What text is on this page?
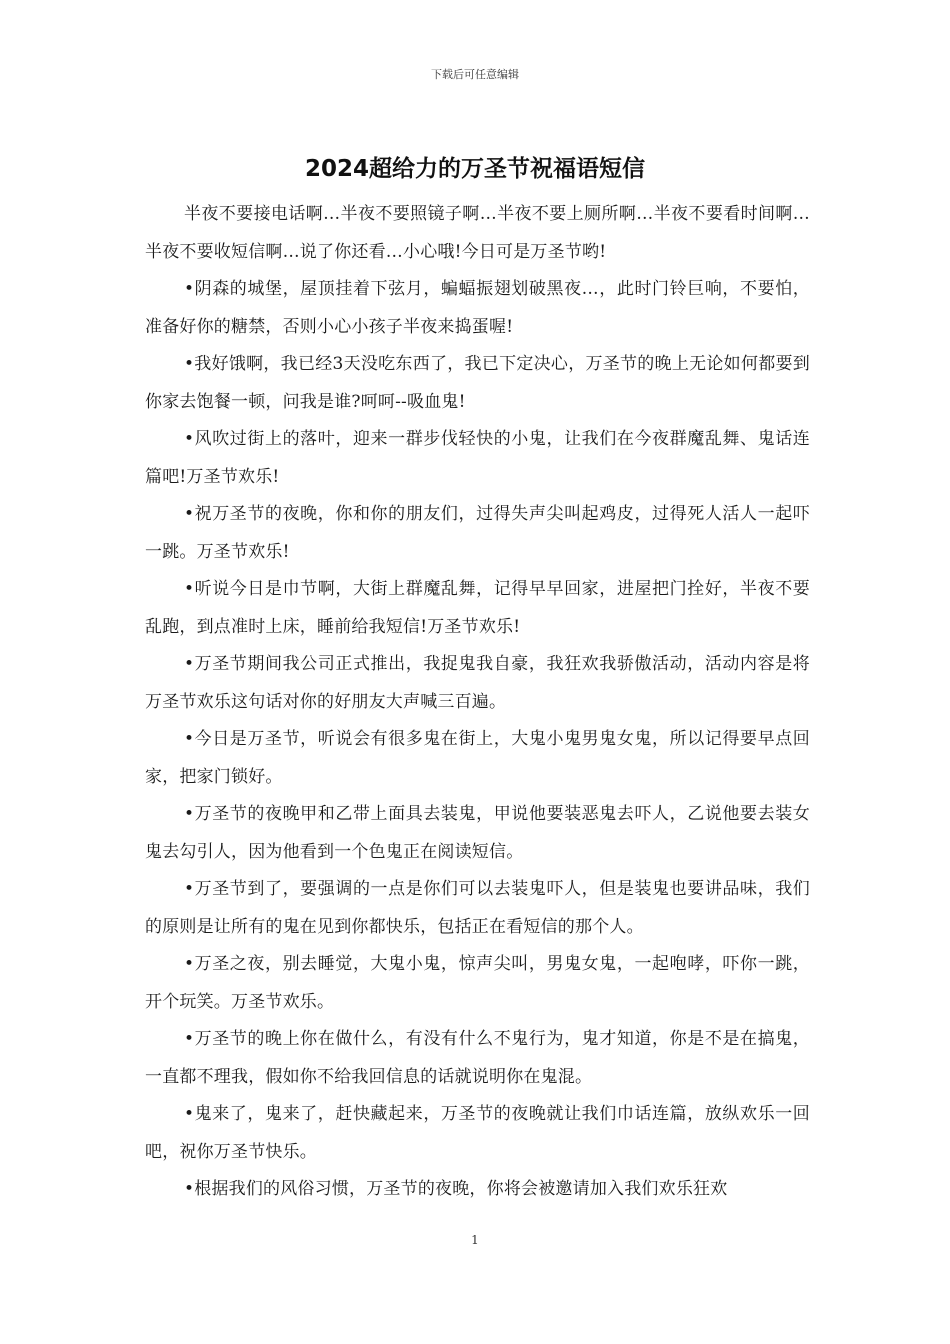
下载后可任意编辑
2024超给力的万圣节祝福语短信

半夜不要接电话啊…半夜不要照镜子啊…半夜不要上厕所啊…半夜不要看时间啊…半夜不要收短信啊…说了你还看…小心哦!今日可是万圣节哟!

•阴森的城堡，屋顶挂着下弦月，蝙蝠振翅划破黑夜…，此时门铃巨响，不要怕，准备好你的糖禁，否则小心小孩子半夜来捣蛋喔!

•我好饿啊，我已经3天没吃东西了，我已下定决心，万圣节的晚上无论如何都要到你家去饱餐一顿，问我是谁?呵呵--吸血鬼!

•风吹过街上的落叶，迎来一群步伐轻快的小鬼，让我们在今夜群魔乱舞、鬼话连篇吧!万圣节欢乐!

•祝万圣节的夜晚，你和你的朋友们，过得失声尖叫起鸡皮，过得死人活人一起吓一跳。万圣节欢乐!

•听说今日是巾节啊，大街上群魔乱舞，记得早早回家，进屋把门拴好，半夜不要乱跑，到点准时上床，睡前给我短信!万圣节欢乐!

•万圣节期间我公司正式推出，我捉鬼我自豪，我狂欢我骄傲活动，活动内容是将万圣节欢乐这句话对你的好朋友大声喊三百遍。

•今日是万圣节，听说会有很多鬼在街上，大鬼小鬼男鬼女鬼，所以记得要早点回家，把家门锁好。

•万圣节的夜晚甲和乙带上面具去装鬼，甲说他要装恶鬼去吓人，乙说他要去装女鬼去勾引人，因为他看到一个色鬼正在阅读短信。

•万圣节到了，要强调的一点是你们可以去装鬼吓人，但是装鬼也要讲品味，我们的原则是让所有的鬼在见到你都快乐，包括正在看短信的那个人。

•万圣之夜，别去睡觉，大鬼小鬼，惊声尖叫，男鬼女鬼，一起咆哮，吓你一跳，开个玩笑。万圣节欢乐。

•万圣节的晚上你在做什么，有没有什么不鬼行为，鬼才知道，你是不是在搞鬼，一直都不理我，假如你不给我回信息的话就说明你在鬼混。

•鬼来了，鬼来了，赶快藏起来，万圣节的夜晚就让我们巾话连篇，放纵欢乐一回吧，祝你万圣节快乐。

•根据我们的风俗习惯，万圣节的夜晚，你将会被邀请加入我们欢乐狂欢

1
